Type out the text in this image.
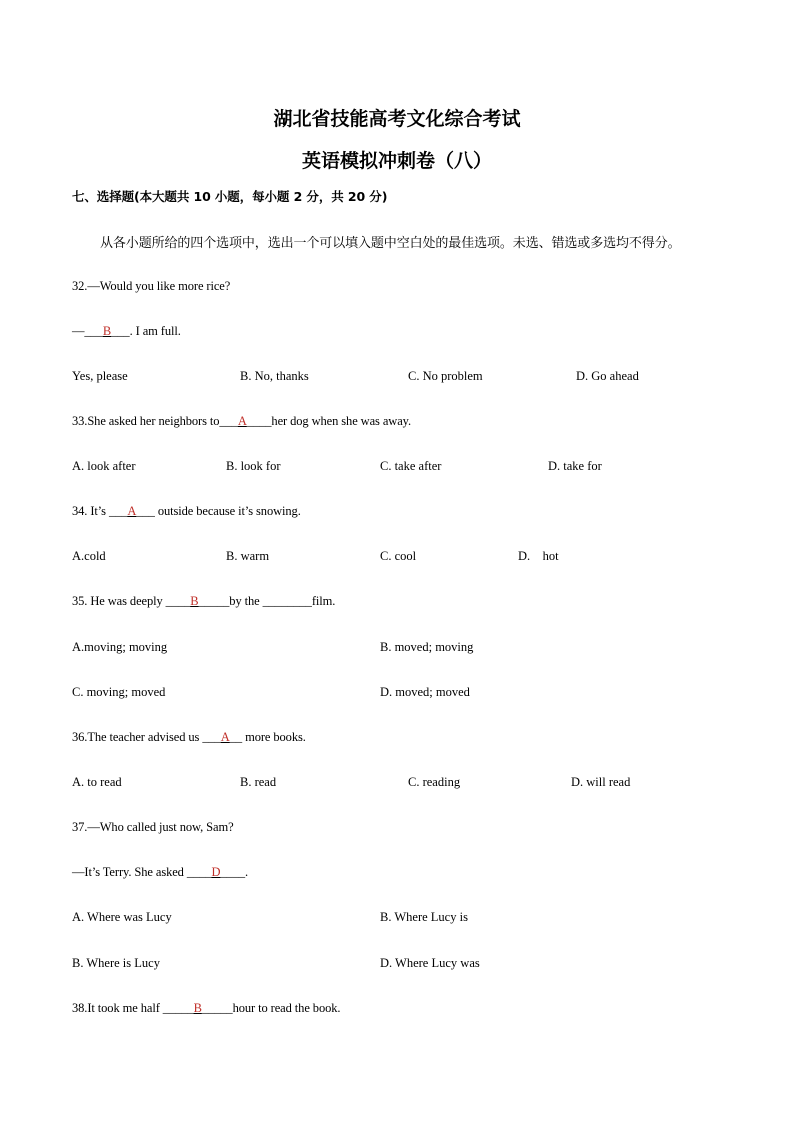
湖北省技能高考文化综合考试
英语模拟冲刺卷（八）
七、选择题(本大题共 10 小题，每小题 2 分，共 20 分)
从各小题所给的四个选项中，选出一个可以填入题中空白处的最佳选项。未选、错选或多选均不得分。
32.—Would you like more rice?
—___B___. I am full.
Yes, please	B. No, thanks	C. No problem	D. Go ahead
33.She asked her neighbors to___A____her dog when she was away.
A. look after	B. look for	C. take after	D. take for
34. It’s ___A___ outside because it’s snowing.
A.cold	B. warm	C. cool	D.    hot
35. He was deeply ____B_____by the ________film.
A.moving; moving	B. moved; moving
C. moving; moved	D. moved; moved
36.The teacher advised us ___A__ more books.
A. to read	B. read	C. reading	D. will read
37.—Who called just now, Sam?
—It’s Terry. She asked ____D____.
A. Where was Lucy	B. Where Lucy is
B. Where is Lucy	D. Where Lucy was
38.It took me half _____B_____hour to read the book.
